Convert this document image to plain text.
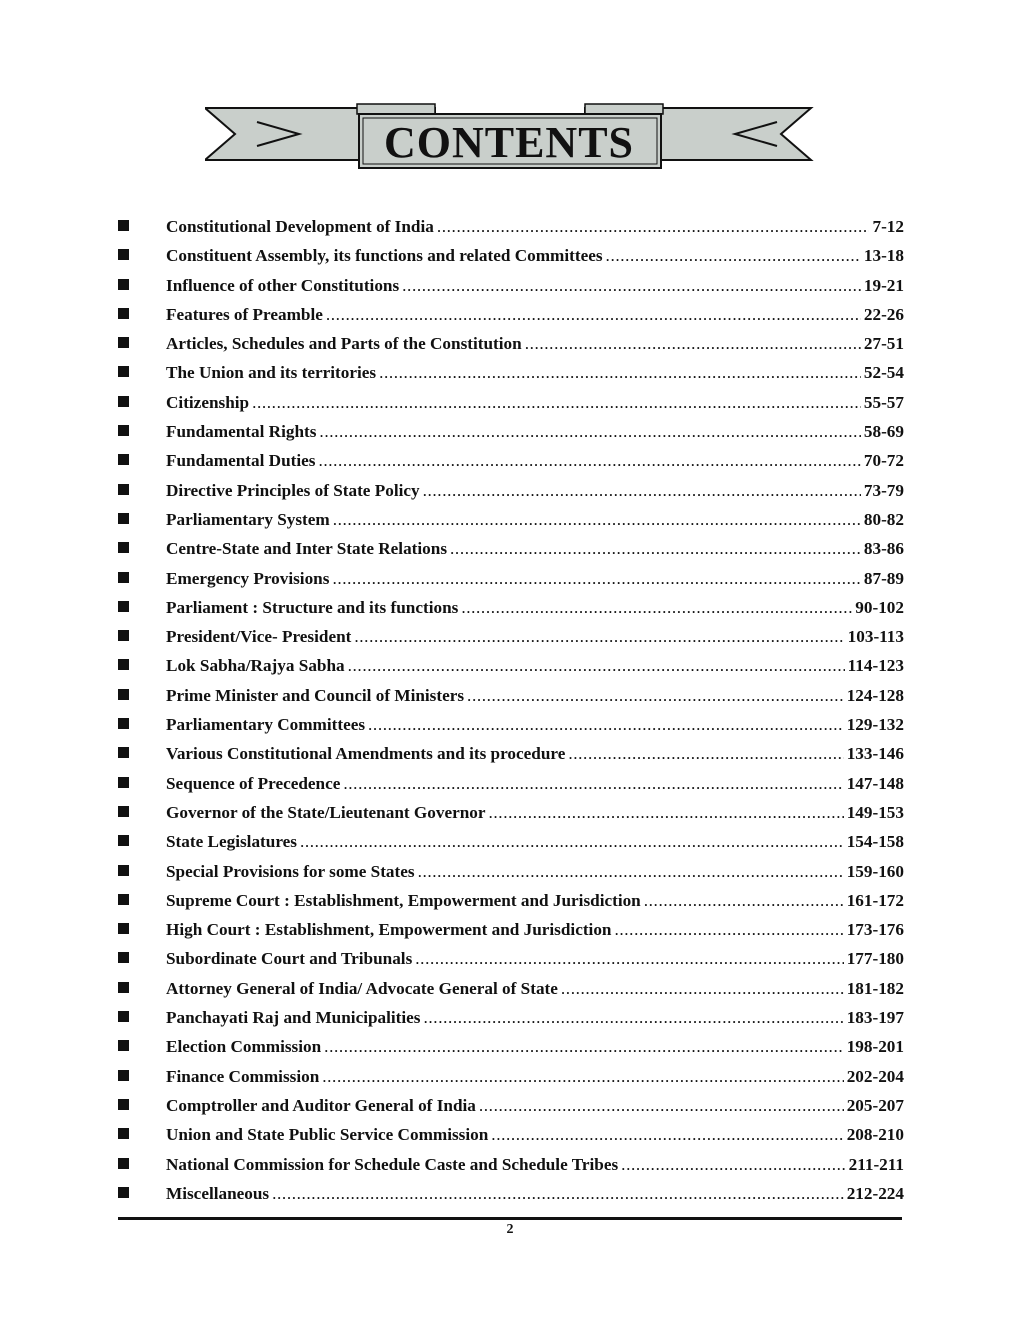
CONTENTS
Constitutional Development of India .....	7-12
Constituent Assembly, its functions and related Committees .....	13-18
Influence of other Constitutions .....	19-21
Features of Preamble .....	22-26
Articles, Schedules and Parts of the Constitution .....	27-51
The Union and its territories .....	52-54
Citizenship .....	55-57
Fundamental Rights .....	58-69
Fundamental Duties .....	70-72
Directive Principles of State Policy .....	73-79
Parliamentary System .....	80-82
Centre-State and Inter State Relations .....	83-86
Emergency Provisions .....	87-89
Parliament : Structure and its functions .....	90-102
President/Vice- President .....	103-113
Lok Sabha/Rajya Sabha .....	114-123
Prime Minister and Council of Ministers .....	124-128
Parliamentary Committees .....	129-132
Various Constitutional Amendments and its procedure .....	133-146
Sequence of Precedence .....	147-148
Governor of the State/Lieutenant Governor .....	149-153
State Legislatures .....	154-158
Special Provisions for some States .....	159-160
Supreme Court : Establishment, Empowerment and Jurisdiction .....	161-172
High Court : Establishment, Empowerment and Jurisdiction .....	173-176
Subordinate Court and Tribunals .....	177-180
Attorney General of India/ Advocate General of State .....	181-182
Panchayati Raj and Municipalities .....	183-197
Election Commission .....	198-201
Finance Commission .....	202-204
Comptroller and Auditor General of India .....	205-207
Union and State Public Service Commission .....	208-210
National Commission for Schedule Caste and Schedule Tribes .....	211-211
Miscellaneous .....	212-224
2
